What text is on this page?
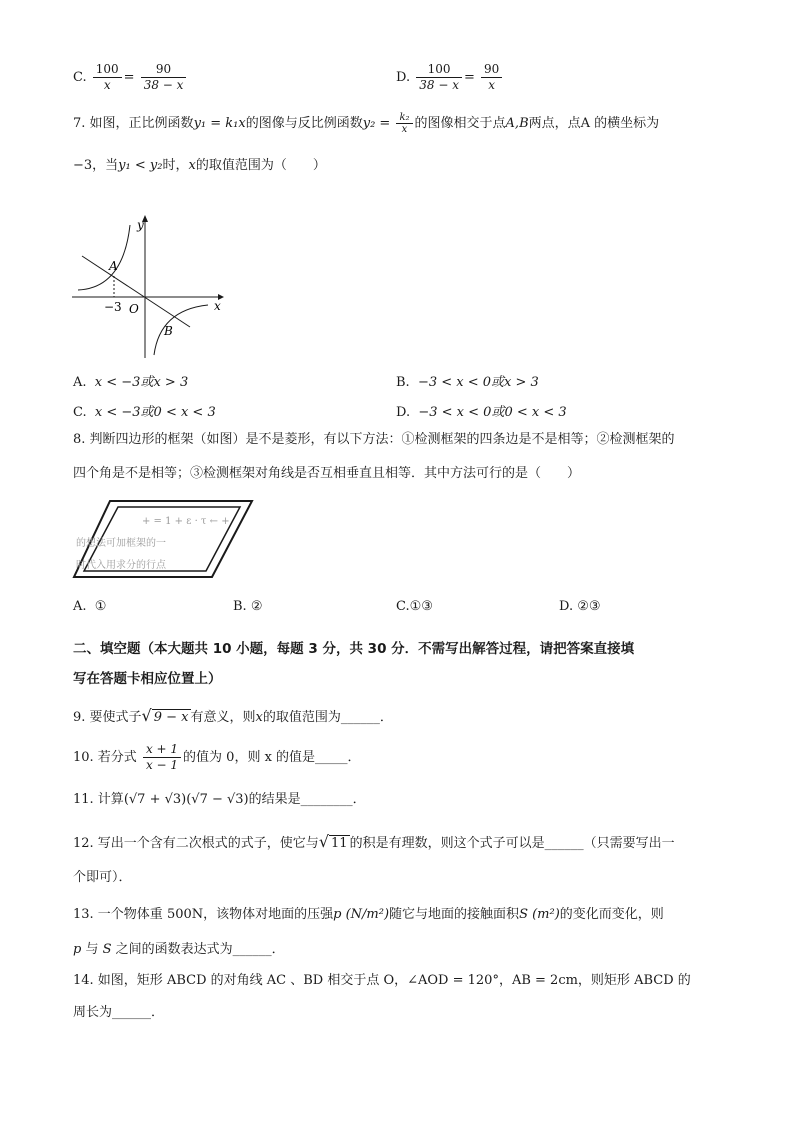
C. $\frac{100}{x} = \frac{90}{38 - x}$	D. $\frac{100}{38 - x} = \frac{90}{x}$
7. 如图，正比例函数y₁ = k₁x的图像与反比例函数$y_2 = \frac{\text{k₂}}{x}$ 的图像相交于点A,B两点，点A 的横坐标为
−3，当y₁ < y₂时，x的取值范围为（　　）
y
x
A
B
O
−3
A. x < −3或x > 3	B. −3 < x < 0或x > 3
C. x < −3或0 < x < 3	D. −3 < x < 0或0 < x < 3
8. 判断四边形的框架（如图）是不是菱形，有以下方法：①检测框架的四条边是不是相等；②检测框架的
四个角是不是相等；③检测框架对角线是否互相垂直且相等．其中方法可行的是（　　）
+ = 1 + ε · τ ← +
的想法可加框架的一
时代入用求分的行点
A. ①	B. ②	C.①③	D. ②③
二、填空题（本大题共 10 小题，每题 3 分，共 30 分．不需写出解答过程，请把答案直接填
写在答题卡相应位置上）
9. 要使式子√ 9 − x 有意义，则x的取值范围为______．
10. 若分式 $\frac{x + 1}{x - 1}$ 的值为 0，则 x 的值是_____．
11. 计算(√7 + √3)(√7 − √3)的结果是________．
12. 写出一个含有二次根式的式子，使它与√ 11 的积是有理数，则这个式子可以是______（只需要写出一
个即可）．
13. 一个物体重 500N，该物体对地面的压强p (N/m²)随它与地面的接触面积S (m²)的变化而变化，则
p 与 S 之间的函数表达式为______．
14. 如图，矩形 ABCD 的对角线 AC 、BD 相交于点 O，∠AOD = 120°，AB = 2cm，则矩形 ABCD 的
周长为______．
